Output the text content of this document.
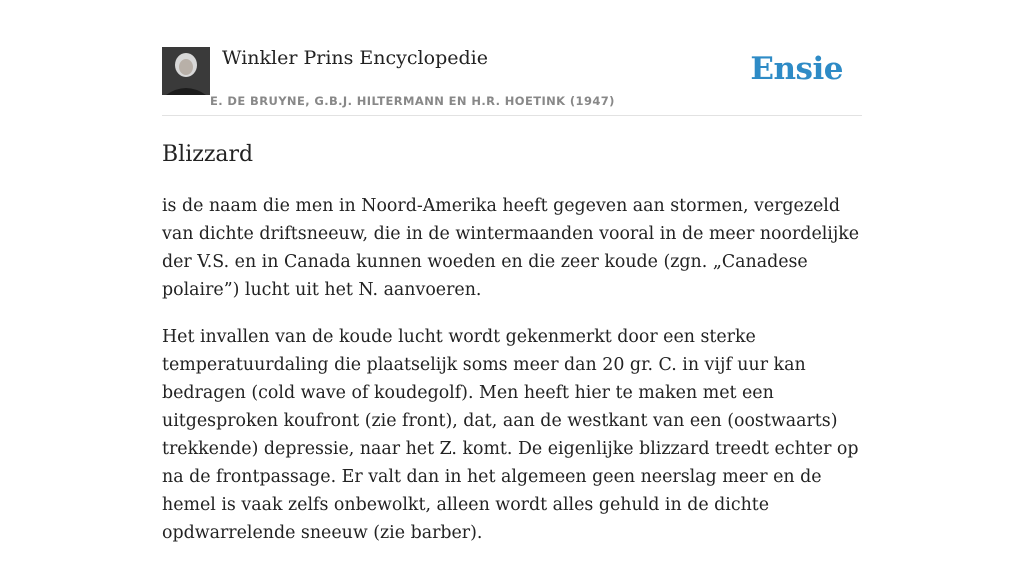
Winkler Prins Encyclopedie
E. DE BRUYNE, G.B.J. HILTERMANN EN H.R. HOETINK (1947)
Ensie
Blizzard

is de naam die men in Noord-Amerika heeft gegeven aan stormen, vergezeld van dichte driftsneeuw, die in de wintermaanden vooral in de meer noordelijke der V.S. en in Canada kunnen woeden en die zeer koude (zgn. „Canadese polaire”) lucht uit het N. aanvoeren.

Het invallen van de koude lucht wordt gekenmerkt door een sterke temperatuurdaling die plaatselijk soms meer dan 20 gr. C. in vijf uur kan bedragen (cold wave of koudegolf). Men heeft hier te maken met een uitgesproken koufront (zie front), dat, aan de westkant van een (oostwaarts) trekkende) depressie, naar het Z. komt. De eigenlijke blizzard treedt echter op na de frontpassage. Er valt dan in het algemeen geen neerslag meer en de hemel is vaak zelfs onbewolkt, alleen wordt alles gehuld in de dichte opdwarrelende sneeuw (zie barber).
